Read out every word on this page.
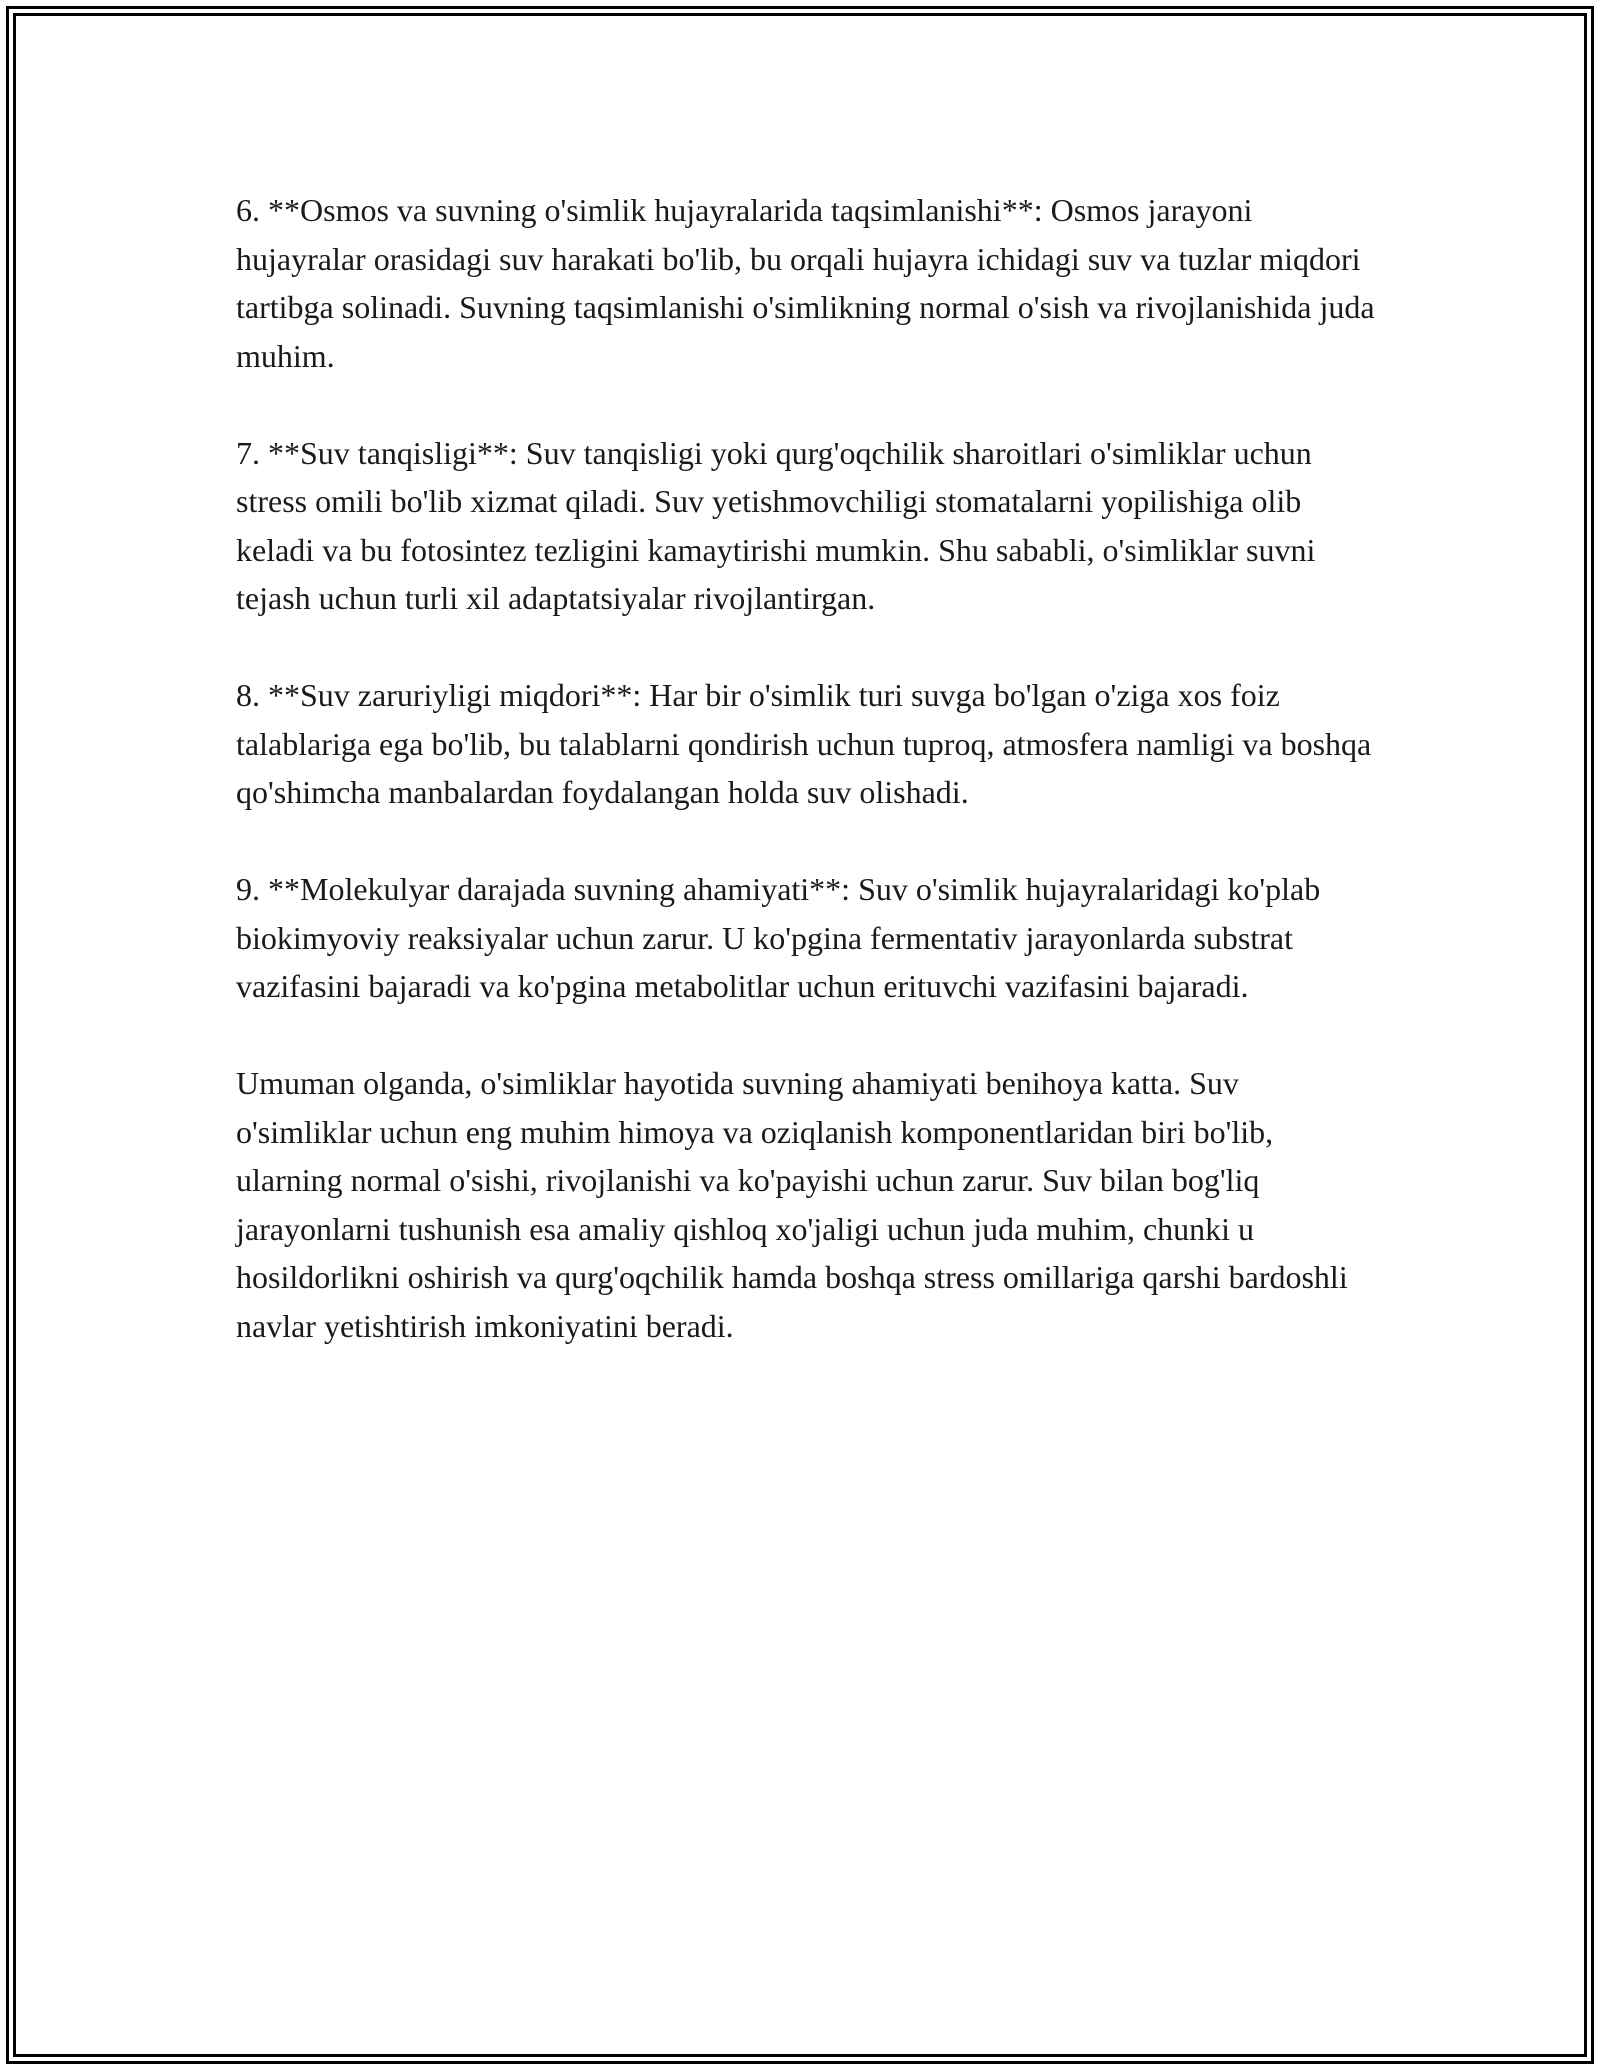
6. **Osmos va suvning o'simlik hujayralarida taqsimlanishi**: Osmos jarayoni hujayralar orasidagi suv harakati bo'lib, bu orqali hujayra ichidagi suv va tuzlar miqdori tartibga solinadi. Suvning taqsimlanishi o'simlikning normal o'sish va rivojlanishida juda muhim.

7. **Suv tanqisligi**: Suv tanqisligi yoki qurg'oqchilik sharoitlari o'simliklar uchun stress omili bo'lib xizmat qiladi. Suv yetishmovchiligi stomatalarni yopilishiga olib keladi va bu fotosintez tezligini kamaytirishi mumkin. Shu sababli, o'simliklar suvni tejash uchun turli xil adaptatsiyalar rivojlantirgan.

8. **Suv zaruriyligi miqdori**: Har bir o'simlik turi suvga bo'lgan o'ziga xos foiz talablariga ega bo'lib, bu talablarni qondirish uchun tuproq, atmosfera namligi va boshqa qo'shimcha manbalardan foydalangan holda suv olishadi.

9. **Molekulyar darajada suvning ahamiyati**: Suv o'simlik hujayralaridagi ko'plab biokimyoviy reaksiyalar uchun zarur. U ko'pgina fermentativ jarayonlarda substrat vazifasini bajaradi va ko'pgina metabolitlar uchun erituvchi vazifasini bajaradi.

Umuman olganda, o'simliklar hayotida suvning ahamiyati benihoya katta. Suv o'simliklar uchun eng muhim himoya va oziqlanish komponentlaridan biri bo'lib, ularning normal o'sishi, rivojlanishi va ko'payishi uchun zarur. Suv bilan bog'liq jarayonlarni tushunish esa amaliy qishloq xo'jaligi uchun juda muhim, chunki u hosildorlikni oshirish va qurg'oqchilik hamda boshqa stress omillariga qarshi bardoshli navlar yetishtirish imkoniyatini beradi.
